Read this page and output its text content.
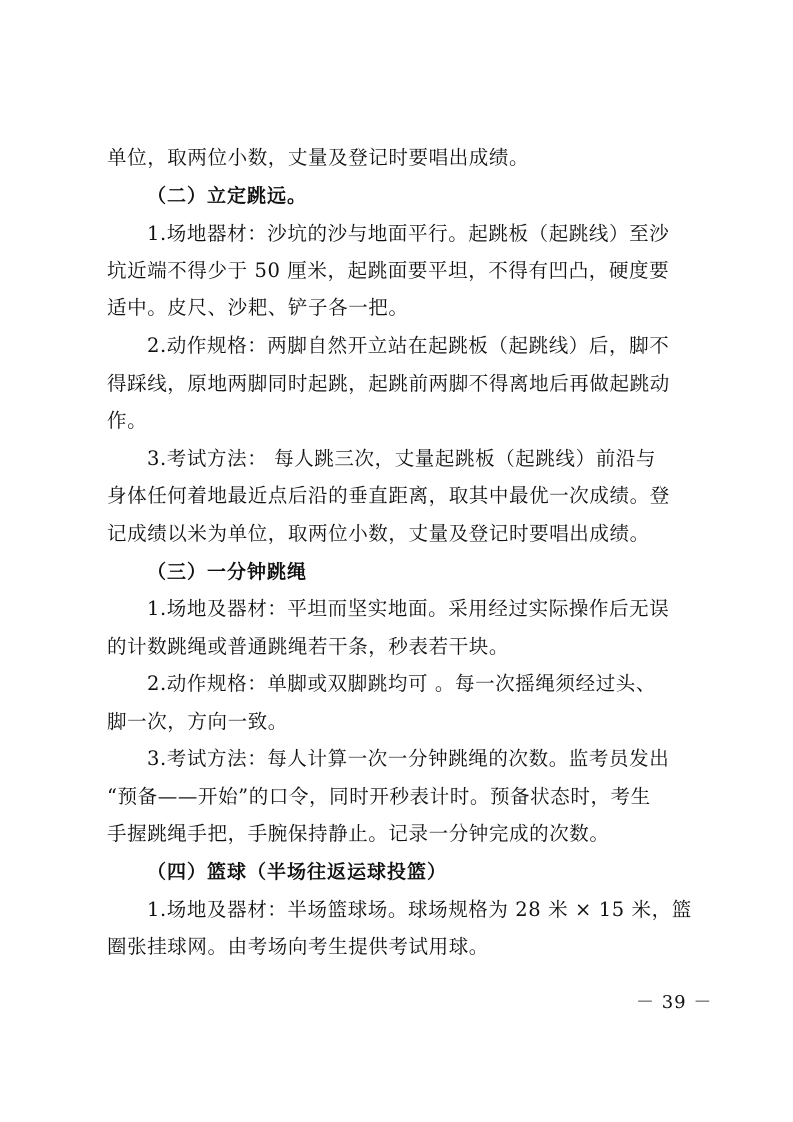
单位，取两位小数，丈量及登记时要唱出成绩。
（二）立定跳远。
1.场地器材：沙坑的沙与地面平行。起跳板（起跳线）至沙
坑近端不得少于 50 厘米，起跳面要平坦，不得有凹凸，硬度要
适中。皮尺、沙耙、铲子各一把。
2.动作规格：两脚自然开立站在起跳板（起跳线）后，脚不
得踩线，原地两脚同时起跳，起跳前两脚不得离地后再做起跳动
作。
3.考试方法： 每人跳三次，丈量起跳板（起跳线）前沿与
身体任何着地最近点后沿的垂直距离，取其中最优一次成绩。登
记成绩以米为单位，取两位小数，丈量及登记时要唱出成绩。
（三）一分钟跳绳
1.场地及器材：平坦而坚实地面。采用经过实际操作后无误
的计数跳绳或普通跳绳若干条，秒表若干块。
2.动作规格：单脚或双脚跳均可 。每一次摇绳须经过头、
脚一次，方向一致。
3.考试方法：每人计算一次一分钟跳绳的次数。监考员发出
“预备——开始”的口令，同时开秒表计时。预备状态时，考生
手握跳绳手把，手腕保持静止。记录一分钟完成的次数。
（四）篮球（半场往返运球投篮）
1.场地及器材：半场篮球场。球场规格为 28 米 × 15 米，篮
圈张挂球网。由考场向考生提供考试用球。
－ 39 －
